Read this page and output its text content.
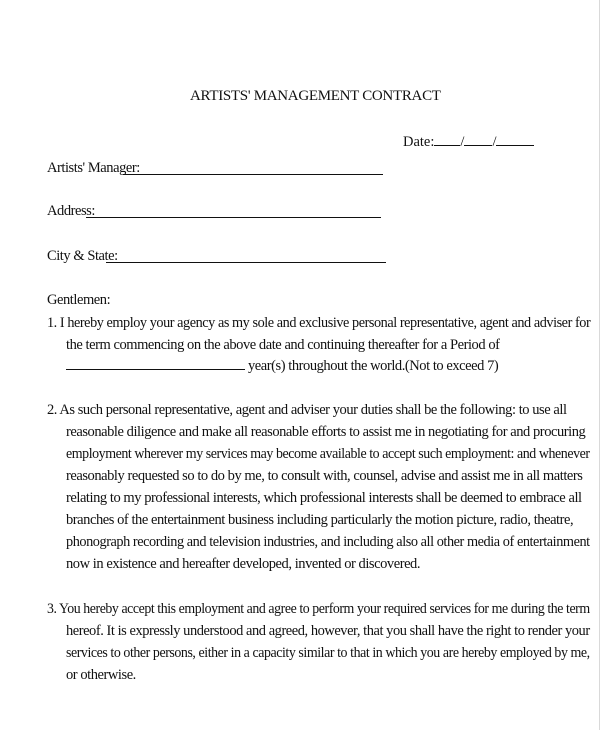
ARTISTS' MANAGEMENT CONTRACT
Date: / /
Artists' Manager:
Address:
City & State:
Gentlemen:
1. I hereby employ your agency as my sole and exclusive personal representative, agent and adviser for
the term commencing on the above date and continuing thereafter for a Period of
year(s) throughout the world.(Not to exceed 7)
2. As such personal representative, agent and adviser your duties shall be the following: to use all
reasonable diligence and make all reasonable efforts to assist me in negotiating for and procuring
employment wherever my services may become available to accept such employment: and whenever
reasonably requested so to do by me, to consult with, counsel, advise and assist me in all matters
relating to my professional interests, which professional interests shall be deemed to embrace all
branches of the entertainment business including particularly the motion picture, radio, theatre,
phonograph recording and television industries, and including also all other media of entertainment
now in existence and hereafter developed, invented or discovered.
3. You hereby accept this employment and agree to perform your required services for me during the term
hereof. It is expressly understood and agreed, however, that you shall have the right to render your
services to other persons, either in a capacity similar to that in which you are hereby employed by me,
or otherwise.
